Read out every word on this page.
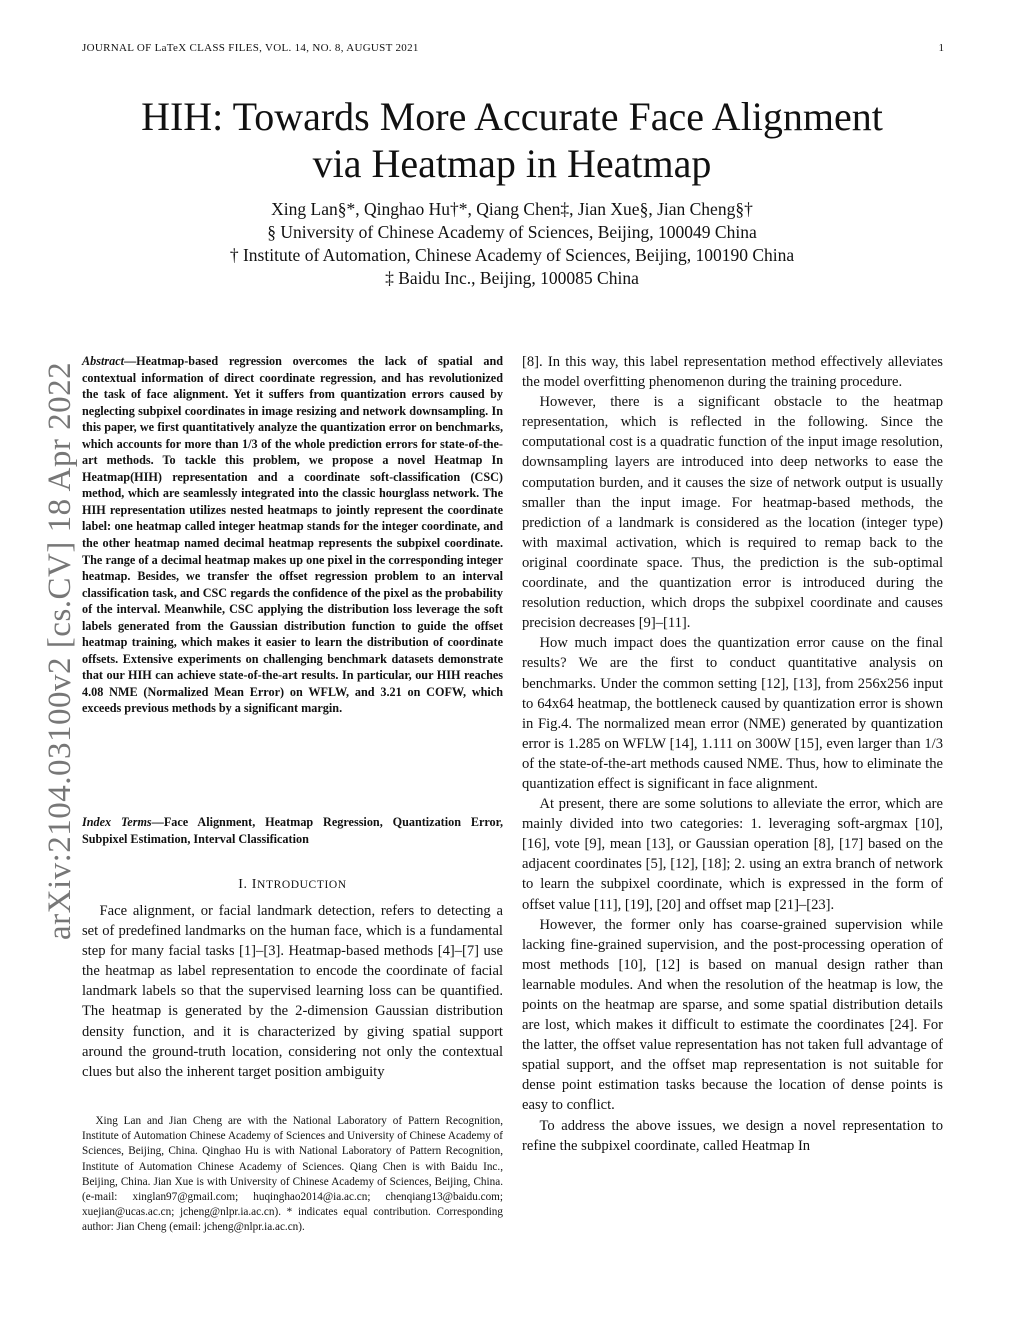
JOURNAL OF LaTeX CLASS FILES, VOL. 14, NO. 8, AUGUST 2021	1
HIH: Towards More Accurate Face Alignment
via Heatmap in Heatmap
Xing Lan§*, Qinghao Hu†*, Qiang Chen‡, Jian Xue§, Jian Cheng§†
§ University of Chinese Academy of Sciences, Beijing, 100049 China
† Institute of Automation, Chinese Academy of Sciences, Beijing, 100190 China
‡ Baidu Inc., Beijing, 100085 China
arXiv:2104.03100v2 [cs.CV] 18 Apr 2022
Abstract—Heatmap-based regression overcomes the lack of spatial and contextual information of direct coordinate regression, and has revolutionized the task of face alignment. Yet it suffers from quantization errors caused by neglecting subpixel coordinates in image resizing and network downsampling. In this paper, we first quantitatively analyze the quantization error on benchmarks, which accounts for more than 1/3 of the whole prediction errors for state-of-the-art methods. To tackle this problem, we propose a novel Heatmap In Heatmap(HIH) representation and a coordinate soft-classification (CSC) method, which are seamlessly integrated into the classic hourglass network. The HIH representation utilizes nested heatmaps to jointly represent the coordinate label: one heatmap called integer heatmap stands for the integer coordinate, and the other heatmap named decimal heatmap represents the subpixel coordinate. The range of a decimal heatmap makes up one pixel in the corresponding integer heatmap. Besides, we transfer the offset regression problem to an interval classification task, and CSC regards the confidence of the pixel as the probability of the interval. Meanwhile, CSC applying the distribution loss leverage the soft labels generated from the Gaussian distribution function to guide the offset heatmap training, which makes it easier to learn the distribution of coordinate offsets. Extensive experiments on challenging benchmark datasets demonstrate that our HIH can achieve state-of-the-art results. In particular, our HIH reaches 4.08 NME (Normalized Mean Error) on WFLW, and 3.21 on COFW, which exceeds previous methods by a significant margin.
Index Terms—Face Alignment, Heatmap Regression, Quantization Error, Subpixel Estimation, Interval Classification
I. INTRODUCTION

Face alignment, or facial landmark detection, refers to detecting a set of predefined landmarks on the human face, which is a fundamental step for many facial tasks [1]–[3]. Heatmap-based methods [4]–[7] use the heatmap as label representation to encode the coordinate of facial landmark labels so that the supervised learning loss can be quantified. The heatmap is generated by the 2-dimension Gaussian distribution density function, and it is characterized by giving spatial support around the ground-truth location, considering not only the contextual clues but also the inherent target position ambiguity

Xing Lan and Jian Cheng are with the National Laboratory of Pattern Recognition, Institute of Automation Chinese Academy of Sciences and University of Chinese Academy of Sciences, Beijing, China. Qinghao Hu is with National Laboratory of Pattern Recognition, Institute of Automation Chinese Academy of Sciences. Qiang Chen is with Baidu Inc., Beijing, China. Jian Xue is with University of Chinese Academy of Sciences, Beijing, China. (e-mail: xinglan97@gmail.com; huqinghao2014@ia.ac.cn; chenqiang13@baidu.com; xuejian@ucas.ac.cn; jcheng@nlpr.ia.ac.cn). * indicates equal contribution. Corresponding author: Jian Cheng (email: jcheng@nlpr.ia.ac.cn).

[8]. In this way, this label representation method effectively alleviates the model overfitting phenomenon during the training procedure.

However, there is a significant obstacle to the heatmap representation, which is reflected in the following. Since the computational cost is a quadratic function of the input image resolution, downsampling layers are introduced into deep networks to ease the computation burden, and it causes the size of network output is usually smaller than the input image. For heatmap-based methods, the prediction of a landmark is considered as the location (integer type) with maximal activation, which is required to remap back to the original coordinate space. Thus, the prediction is the sub-optimal coordinate, and the quantization error is introduced during the resolution reduction, which drops the subpixel coordinate and causes precision decreases [9]–[11].

How much impact does the quantization error cause on the final results? We are the first to conduct quantitative analysis on benchmarks. Under the common setting [12], [13], from 256x256 input to 64x64 heatmap, the bottleneck caused by quantization error is shown in Fig.4. The normalized mean error (NME) generated by quantization error is 1.285 on WFLW [14], 1.111 on 300W [15], even larger than 1/3 of the state-of-the-art methods caused NME. Thus, how to eliminate the quantization effect is significant in face alignment.

At present, there are some solutions to alleviate the error, which are mainly divided into two categories: 1. leveraging soft-argmax [10], [16], vote [9], mean [13], or Gaussian operation [8], [17] based on the adjacent coordinates [5], [12], [18]; 2. using an extra branch of network to learn the subpixel coordinate, which is expressed in the form of offset value [11], [19], [20] and offset map [21]–[23].

However, the former only has coarse-grained supervision while lacking fine-grained supervision, and the post-processing operation of most methods [10], [12] is based on manual design rather than learnable modules. And when the resolution of the heatmap is low, the points on the heatmap are sparse, and some spatial distribution details are lost, which makes it difficult to estimate the coordinates [24]. For the latter, the offset value representation has not taken full advantage of spatial support, and the offset map representation is not suitable for dense point estimation tasks because the location of dense points is easy to conflict.

To address the above issues, we design a novel representation to refine the subpixel coordinate, called Heatmap In
